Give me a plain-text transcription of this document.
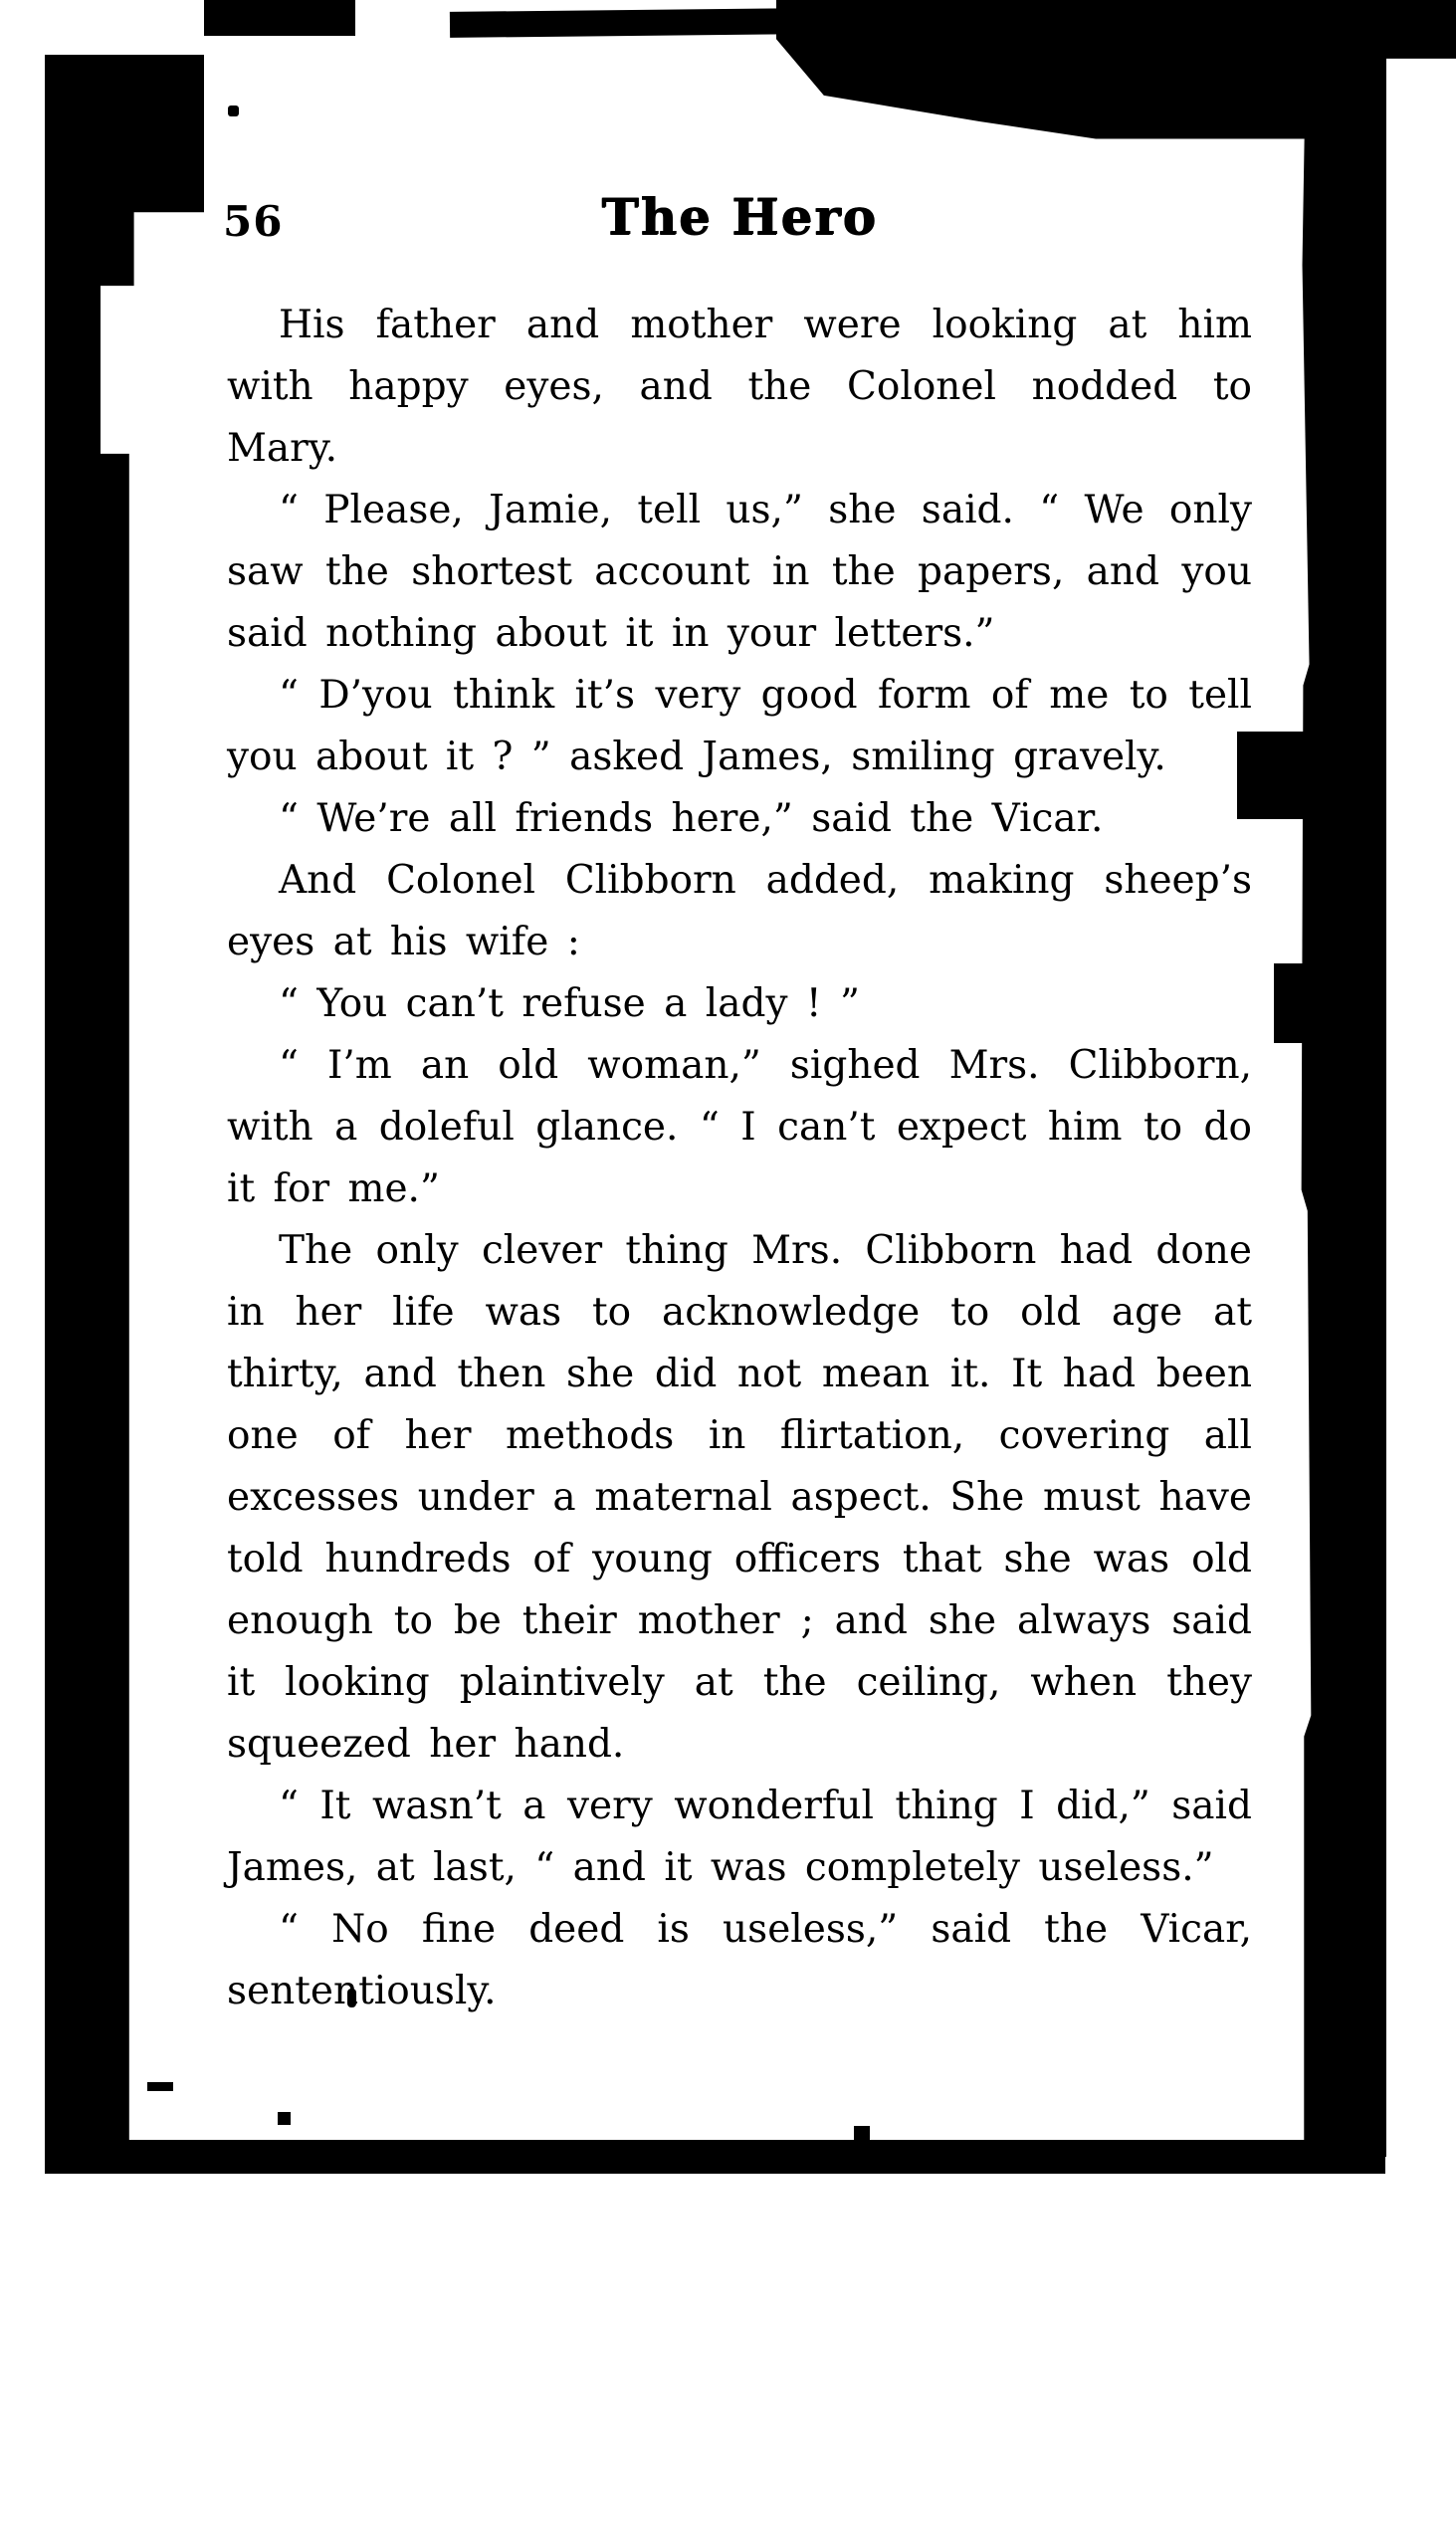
56	The Hero

His father and mother were looking at him with happy eyes, and the Colonel nodded to Mary.

“ Please, Jamie, tell us,” she said. “ We only saw the shortest account in the papers, and you said nothing about it in your letters.”

“ D’you think it’s very good form of me to tell you about it ? ” asked James, smiling gravely.

“ We’re all friends here,” said the Vicar.

And Colonel Clibborn added, making sheep’s eyes at his wife :

“ You can’t refuse a lady ! ”

“ I’m an old woman,” sighed Mrs. Clibborn, with a doleful glance. “ I can’t expect him to do it for me.”

The only clever thing Mrs. Clibborn had done in her life was to acknowledge to old age at thirty, and then she did not mean it. It had been one of her methods in flirtation, covering all excesses under a maternal aspect. She must have told hundreds of young officers that she was old enough to be their mother ; and she always said it looking plaintively at the ceiling, when they squeezed her hand.

“ It wasn’t a very wonderful thing I did,” said James, at last, “ and it was completely useless.”

“ No fine deed is useless,” said the Vicar, sententiously.
